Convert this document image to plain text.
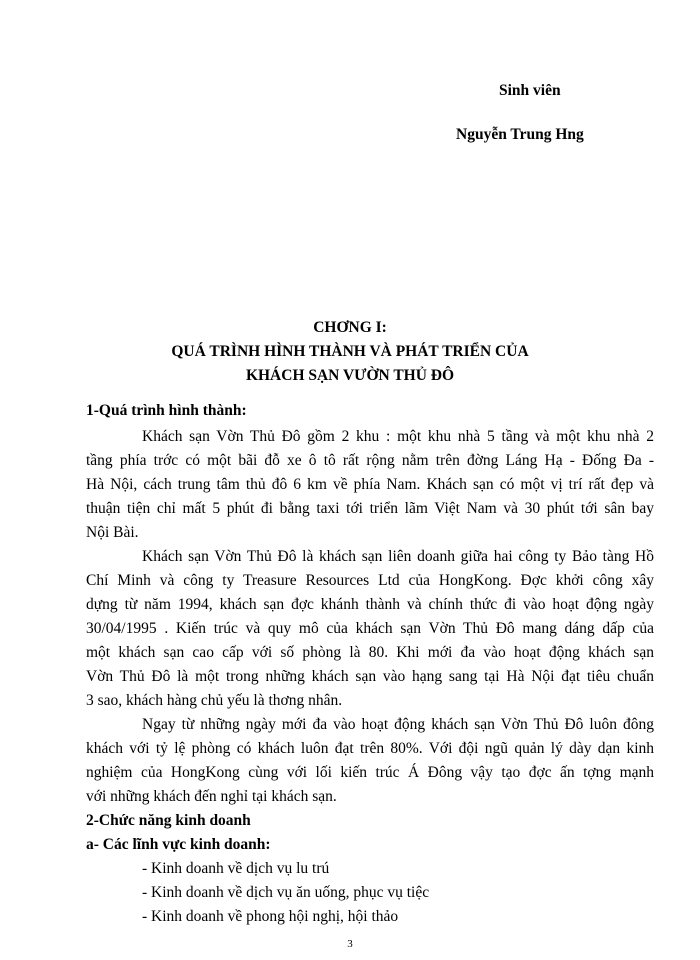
Sinh viên
Nguyễn Trung Hng
CHƠNG I:
QUÁ TRÌNH HÌNH THÀNH VÀ PHÁT TRIỂN CỦA
KHÁCH SẠN VƯỜN THỦ ĐÔ
1-Quá trình hình thành:
Khách sạn Vờn Thủ Đô gồm 2 khu : một khu nhà 5 tầng và một khu nhà 2
tầng phía trớc có một bãi đỗ xe ô tô rất rộng nằm trên đờng Láng Hạ - Đống Đa -
Hà Nội, cách trung tâm thủ đô 6 km về phía Nam. Khách sạn có một vị trí rất đẹp và
thuận tiện chỉ mất 5 phút đi bằng taxi tới triển lãm Việt Nam và 30 phút tới sân bay
Nội Bài.
Khách sạn Vờn Thủ Đô là khách sạn liên doanh giữa hai công ty Bảo tàng Hồ
Chí Minh và công ty Treasure Resources Ltd của HongKong. Đợc khởi công xây
dựng từ năm 1994, khách sạn đợc khánh thành và chính thức đi vào hoạt động ngày
30/04/1995 . Kiến trúc và quy mô của khách sạn Vờn Thủ Đô mang dáng dấp của
một khách sạn cao cấp với số phòng là 80. Khi mới đa vào hoạt động khách sạn
Vờn Thủ Đô là một trong những khách sạn vào hạng sang tại Hà Nội đạt tiêu chuẩn
3 sao, khách hàng chủ yếu là thơng nhân.
Ngay từ những ngày mới đa vào hoạt động khách sạn Vờn Thủ Đô luôn đông
khách với tỷ lệ phòng có khách luôn đạt trên 80%. Với đội ngũ quản lý dày dạn kinh
nghiệm của HongKong cùng với lối kiến trúc Á Đông vậy tạo đợc ấn tợng mạnh
với những khách đến nghỉ tại khách sạn.
2-Chức năng kinh doanh
a- Các lĩnh vực kinh doanh:
- Kinh doanh về dịch vụ lu trú
- Kinh doanh về dịch vụ ăn uống, phục vụ tiệc
- Kinh doanh về phong hội nghị, hội thảo
3
